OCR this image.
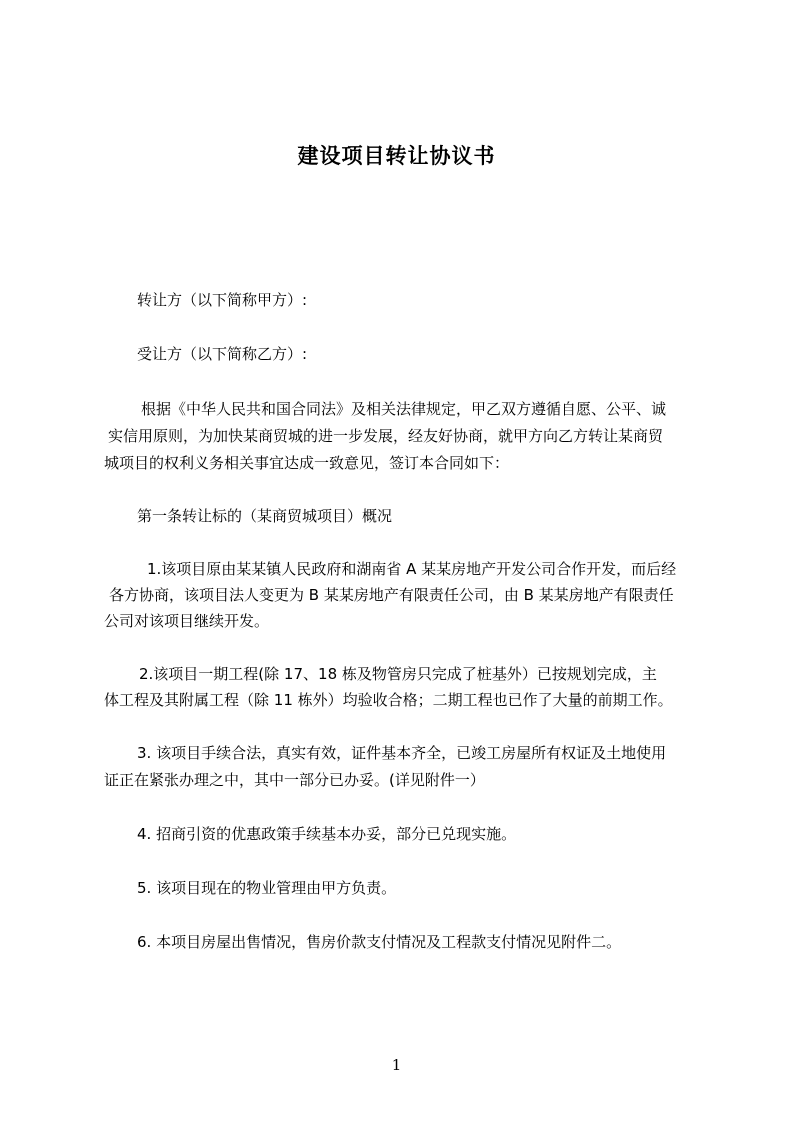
建设项目转让协议书
转让方（以下简称甲方）:
受让方（以下简称乙方）:
根据《中华人民共和国合同法》及相关法律规定，甲乙双方遵循自愿、公平、诚
实信用原则，为加快某商贸城的进一步发展，经友好协商，就甲方向乙方转让某商贸
城项目的权利义务相关事宜达成一致意见，签订本合同如下：
第一条转让标的（某商贸城项目）概况
1.该项目原由某某镇人民政府和湖南省 A 某某房地产开发公司合作开发，而后经
各方协商，该项目法人变更为 B 某某房地产有限责任公司，由 B 某某房地产有限责任
公司对该项目继续开发。
2.该项目一期工程(除 17、18 栋及物管房只完成了桩基外）已按规划完成，主
体工程及其附属工程（除 11 栋外）均验收合格；二期工程也已作了大量的前期工作。
3. 该项目手续合法，真实有效，证件基本齐全，已竣工房屋所有权证及土地使用
证正在紧张办理之中，其中一部分已办妥。(详见附件一）
4. 招商引资的优惠政策手续基本办妥，部分已兑现实施。
5. 该项目现在的物业管理由甲方负责。
6. 本项目房屋出售情况，售房价款支付情况及工程款支付情况见附件二。
1
